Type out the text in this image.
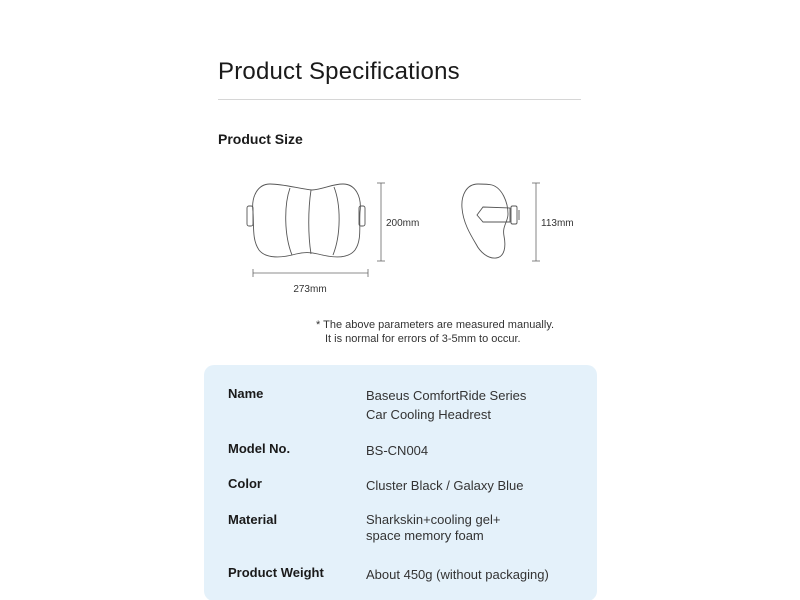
Product Specifications
Product Size
200mm
273mm
113mm
* The above parameters are measured manually.
It is normal for errors of 3-5mm to occur.
Name	Baseus ComfortRide Series
Car Cooling Headrest
Model No.	BS-CN004
Color	Cluster Black / Galaxy Blue
Material	Sharkskin+cooling gel+
space memory foam
Product Weight	About 450g (without packaging)
